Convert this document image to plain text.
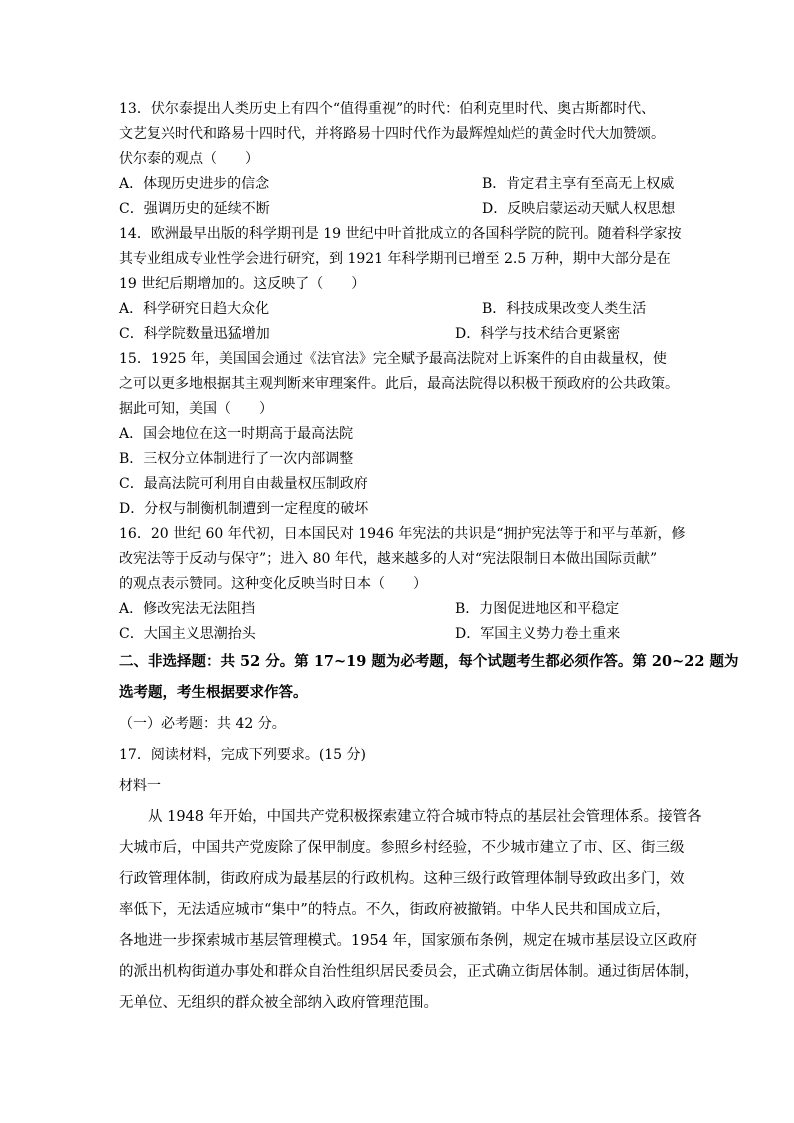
13．伏尔泰提出人类历史上有四个“值得重视”的时代：伯利克里时代、奥古斯都时代、
文艺复兴时代和路易十四时代，并将路易十四时代作为最辉煌灿烂的黄金时代大加赞颂。
伏尔泰的观点（　　）
A．体现历史进步的信念	B．肯定君主享有至高无上权威
C．强调历史的延续不断	D．反映启蒙运动天赋人权思想
14．欧洲最早出版的科学期刊是 19 世纪中叶首批成立的各国科学院的院刊。随着科学家按
其专业组成专业性学会进行研究，到 1921 年科学期刊已增至 2.5 万种，期中大部分是在
19 世纪后期增加的。这反映了（　　）
A．科学研究日趋大众化	B．科技成果改变人类生活
C．科学院数量迅猛增加	D．科学与技术结合更紧密
15．1925 年，美国国会通过《法官法》完全赋予最高法院对上诉案件的自由裁量权，使
之可以更多地根据其主观判断来审理案件。此后，最高法院得以积极干预政府的公共政策。
据此可知，美国（　　）
A．国会地位在这一时期高于最高法院
B．三权分立体制进行了一次内部调整
C．最高法院可利用自由裁量权压制政府
D．分权与制衡机制遭到一定程度的破坏
16．20 世纪 60 年代初，日本国民对 1946 年宪法的共识是“拥护宪法等于和平与革新，修
改宪法等于反动与保守”；进入 80 年代，越来越多的人对“宪法限制日本做出国际贡献”
的观点表示赞同。这种变化反映当时日本（　　）
A．修改宪法无法阻挡	B．力图促进地区和平稳定
C．大国主义思潮抬头	D．军国主义势力卷土重来
二、非选择题：共 52 分。第 17~19 题为必考题，每个试题考生都必须作答。第 20~22 题为
选考题，考生根据要求作答。
（一）必考题：共 42 分。
17．阅读材料，完成下列要求。(15 分)
材料一
　　从 1948 年开始，中国共产党积极探索建立符合城市特点的基层社会管理体系。接管各
大城市后，中国共产党废除了保甲制度。参照乡村经验，不少城市建立了市、区、街三级
行政管理体制，街政府成为最基层的行政机构。这种三级行政管理体制导致政出多门，效
率低下，无法适应城市“集中”的特点。不久，街政府被撤销。中华人民共和国成立后，
各地进一步探索城市基层管理模式。1954 年，国家颁布条例，规定在城市基层设立区政府
的派出机构街道办事处和群众自治性组织居民委员会，正式确立街居体制。通过街居体制，
无单位、无组织的群众被全部纳入政府管理范围。
